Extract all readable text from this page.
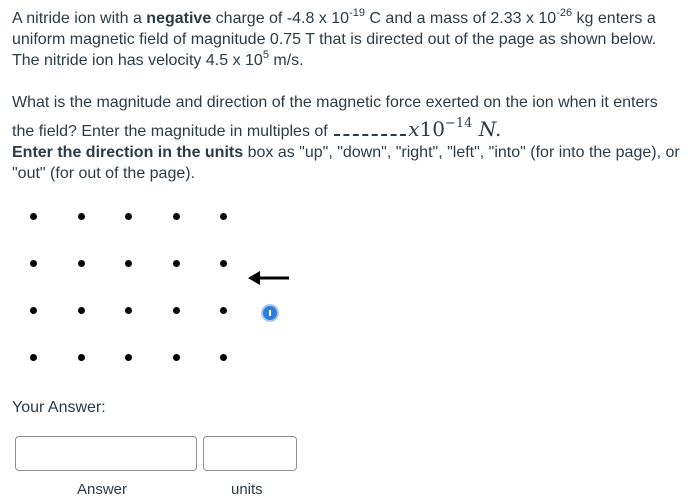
A nitride ion with a negative charge of -4.8 x $10^{-19}$ C and a mass of 2.33 x $10^{-26}$ kg enters a uniform magnetic field of magnitude 0.75 T that is directed out of the page as shown below. The nitride ion has velocity 4.5 x $10^5$ m/s.
What is the magnitude and direction of the magnetic force exerted on the ion when it enters the field? Enter the magnitude in multiples of	$x10^{-14}$ N.
Enter the direction in the units box as "up", "down", "right", "left", "into" (for into the page), or "out" (for out of the page).
Your Answer:
Answer	units
